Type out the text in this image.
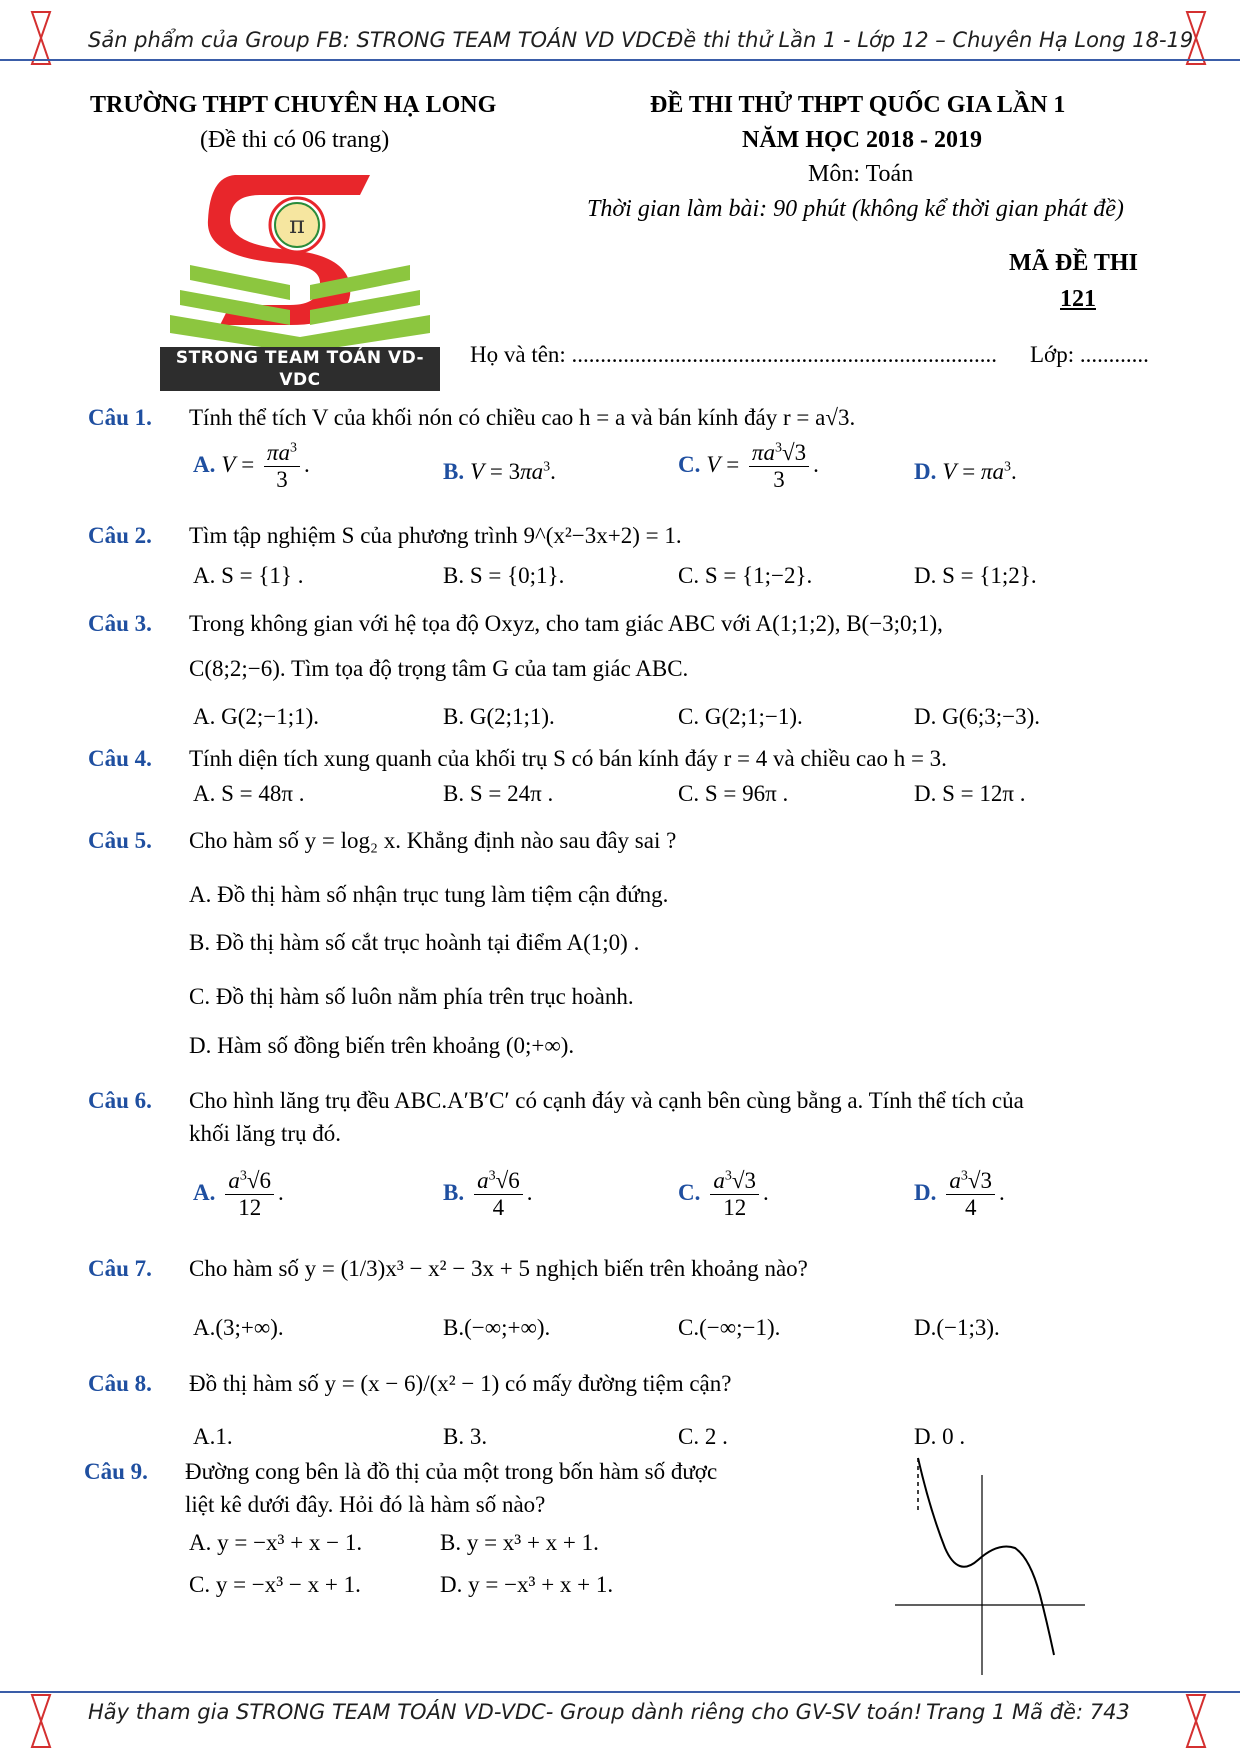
Sản phẩm của Group FB: STRONG TEAM TOÁN VD VDC.
Đề thi thử Lần 1 - Lớp 12 – Chuyên Hạ Long 18-19
TRƯỜNG THPT CHUYÊN HẠ LONG
(Đề thi có 06 trang)
π
STRONG TEAM TOÁN VD-VDC
ĐỀ THI THỬ THPT QUỐC GIA LẦN 1
NĂM HỌC 2018 - 2019
Môn: Toán
Thời gian làm bài: 90 phút (không kể thời gian phát đề)
MÃ ĐỀ THI
121
Họ và tên: .......................................................................... Lớp: ............
Câu 1. Tính thể tích V của khối nón có chiều cao h = a và bán kính đáy r = a√3.
A. $V = \frac{\pi a^3}{3}$ .	B. $V = 3\pi a^3$.	C. $V = \frac{\pi a^3√3}{3}$ .	D. $V = \pi a^3$.
Câu 2. Tìm tập nghiệm S của phương trình 9^(x²−3x+2) = 1.
A. S = {1} .	B. S = {0;1}.	C. S = {1;−2}.	D. S = {1;2}.
Câu 3. Trong không gian với hệ tọa độ Oxyz, cho tam giác ABC với A(1;1;2), B(−3;0;1),
C(8;2;−6). Tìm tọa độ trọng tâm G của tam giác ABC.
A. G(2;−1;1).	B. G(2;1;1).	C. G(2;1;−1).	D. G(6;3;−3).
Câu 4. Tính diện tích xung quanh của khối trụ S có bán kính đáy r = 4 và chiều cao h = 3.
A. S = 48π .	B. S = 24π .	C. S = 96π .	D. S = 12π .
Câu 5. Cho hàm số y = log₂ x. Khẳng định nào sau đây sai ?
A. Đồ thị hàm số nhận trục tung làm tiệm cận đứng.
B. Đồ thị hàm số cắt trục hoành tại điểm A(1;0) .
C. Đồ thị hàm số luôn nằm phía trên trục hoành.
D. Hàm số đồng biến trên khoảng (0;+∞).
Câu 6. Cho hình lăng trụ đều ABC.A′B′C′ có cạnh đáy và cạnh bên cùng bằng a. Tính thể tích của
khối lăng trụ đó.
A. $\frac{a^3√6}{12}$ .	B. $\frac{a^3√6}{4}$ .	C. $\frac{a^3√3}{12}$ .	D. $\frac{a^3√3}{4}$ .
Câu 7. Cho hàm số y = (1/3)x³ − x² − 3x + 5 nghịch biến trên khoảng nào?
A.(3;+∞).	B.(−∞;+∞).	C.(−∞;−1).	D.(−1;3).
Câu 8. Đồ thị hàm số y = (x − 6)/(x² − 1) có mấy đường tiệm cận?
A.1.	B. 3.	C. 2 .	D. 0 .
Câu 9. Đường cong bên là đồ thị của một trong bốn hàm số được
liệt kê dưới đây. Hỏi đó là hàm số nào?
A. y = −x³ + x − 1.	B. y = x³ + x + 1.
C. y = −x³ − x + 1.	D. y = −x³ + x + 1.
Hãy tham gia STRONG TEAM TOÁN VD-VDC- Group dành riêng cho GV-SV toán! Trang 1 Mã đề: 743
